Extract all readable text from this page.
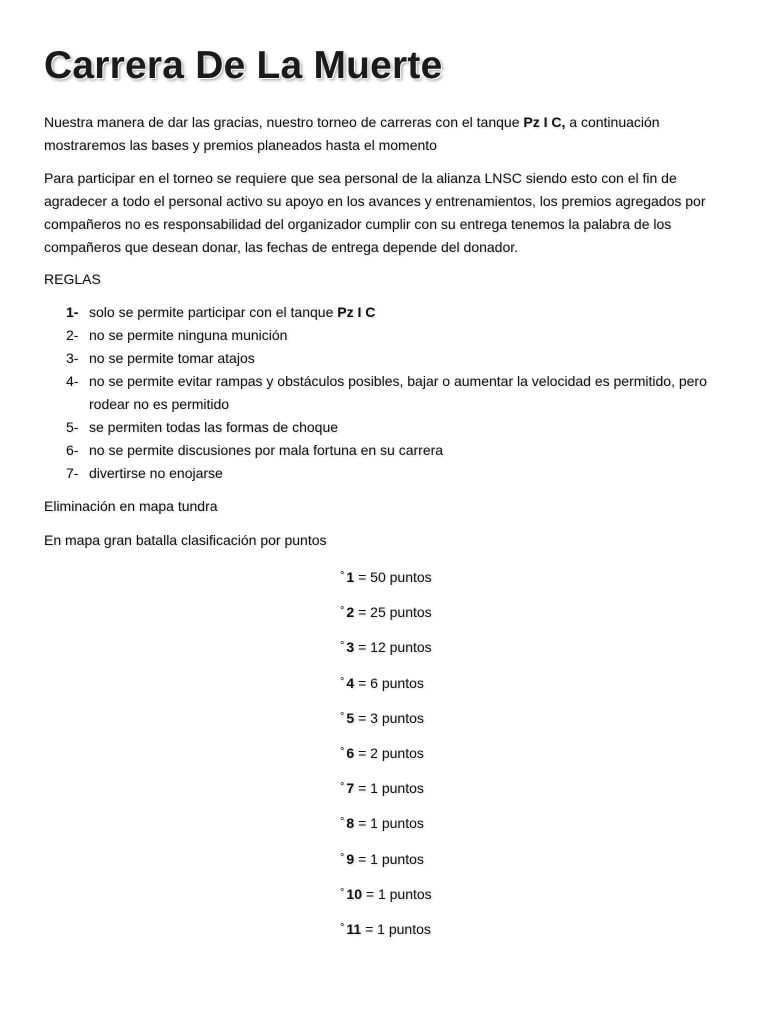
Carrera De La Muerte

Nuestra manera de dar las gracias, nuestro torneo de carreras con el tanque Pz I C, a continuación mostraremos las bases y premios planeados hasta el momento

Para participar en el torneo se requiere que sea personal de la alianza LNSC siendo esto con el fin de agradecer a todo el personal activo su apoyo en los avances y entrenamientos, los premios agregados por compañeros no es responsabilidad del organizador cumplir con su entrega tenemos la palabra de los compañeros que desean donar, las fechas de entrega depende del donador.

REGLAS

1- solo se permite participar con el tanque Pz I C
2- no se permite ninguna munición
3- no se permite tomar atajos
4- no se permite evitar rampas y obstáculos posibles, bajar o aumentar la velocidad es permitido, pero rodear no es permitido
5- se permiten todas las formas de choque
6- no se permite discusiones por mala fortuna en su carrera
7- divertirse no enojarse

Eliminación en mapa tundra

En mapa gran batalla clasificación por puntos

° 1 = 50 puntos
° 2 = 25 puntos
° 3 = 12 puntos
° 4 = 6 puntos
° 5 = 3 puntos
° 6 = 2 puntos
° 7 = 1 puntos
° 8 = 1 puntos
° 9 = 1 puntos
° 10 = 1 puntos
° 11 = 1 puntos
